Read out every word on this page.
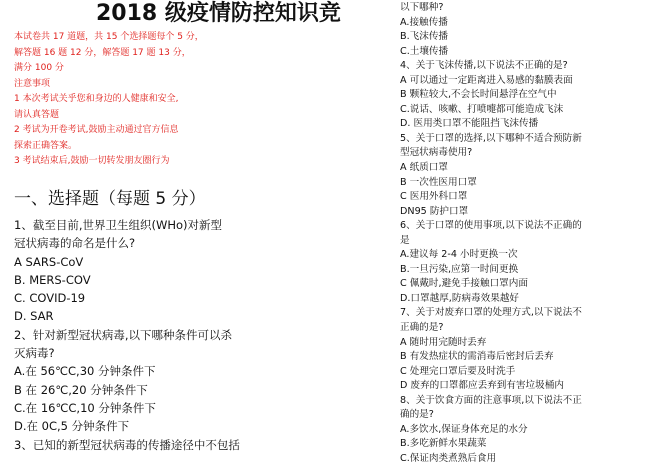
2018 级疫情防控知识竞
本试卷共 17 道题，共 15 个选择题每个 5 分，
解答题 16 题 12 分，解答题 17 题 13 分，
满分 100 分
注意事项
1 本次考试关乎您和身边的人健康和安全,
请认真答题
2 考试为开卷考试,鼓励主动通过官方信息
探索正确答案。
3 考试结束后,鼓励一切转发朋友圈行为
一、选择题（每题 5 分）
1、截至目前,世界卫生组织(WHo)对新型
冠状病毒的命名是什么?
A SARS-CoV
B. MERS-COV
C. COVID-19
D. SAR
2、针对新型冠状病毒,以下哪种条件可以杀
灭病毒?
A.在 56℃C,30 分钟条件下
B 在 26℃,20 分钟条件下
C.在 16℃C,10 分钟条件下
D.在 0C,5 分钟条件下
3、已知的新型冠状病毒的传播途径中不包括
以下哪种?
A.接触传播
B.飞沫传播
C.土壤传播
4、关于飞沫传播,以下说法不正确的是?
A 可以通过一定距离进入易感的黏膜表面
B 颗粒较大,不会长时间悬浮在空气中
C.说话、咳嗽、打喷嚏都可能造成飞沫
D. 医用类口罩不能阻挡飞沫传播
5、关于口罩的选择,以下哪种不适合预防新
型冠状病毒使用?
A 纸质口罩
B 一次性医用口罩
C 医用外科口罩
DN95 防护口罩
6、关于口罩的使用事项,以下说法不正确的
是
A.建议每 2-4 小时更换一次
B.一旦污染,应第一时间更换
C 佩戴时,避免手接触口罩内面
D.口罩越厚,防病毒效果越好
7、关于对废弃口罩的处理方式,以下说法不
正确的是?
A 随时用完随时丢弃
B 有发热症状的需消毒后密封后丢弃
C 处理完口罩后要及时洗手
D 废弃的口罩都应丢弃到有害垃圾桶内
8、关于饮食方面的注意事项,以下说法不正
确的是?
A.多饮水,保证身体充足的水分
B.多吃新鲜水果蔬菜
C.保证肉类煮熟后食用
